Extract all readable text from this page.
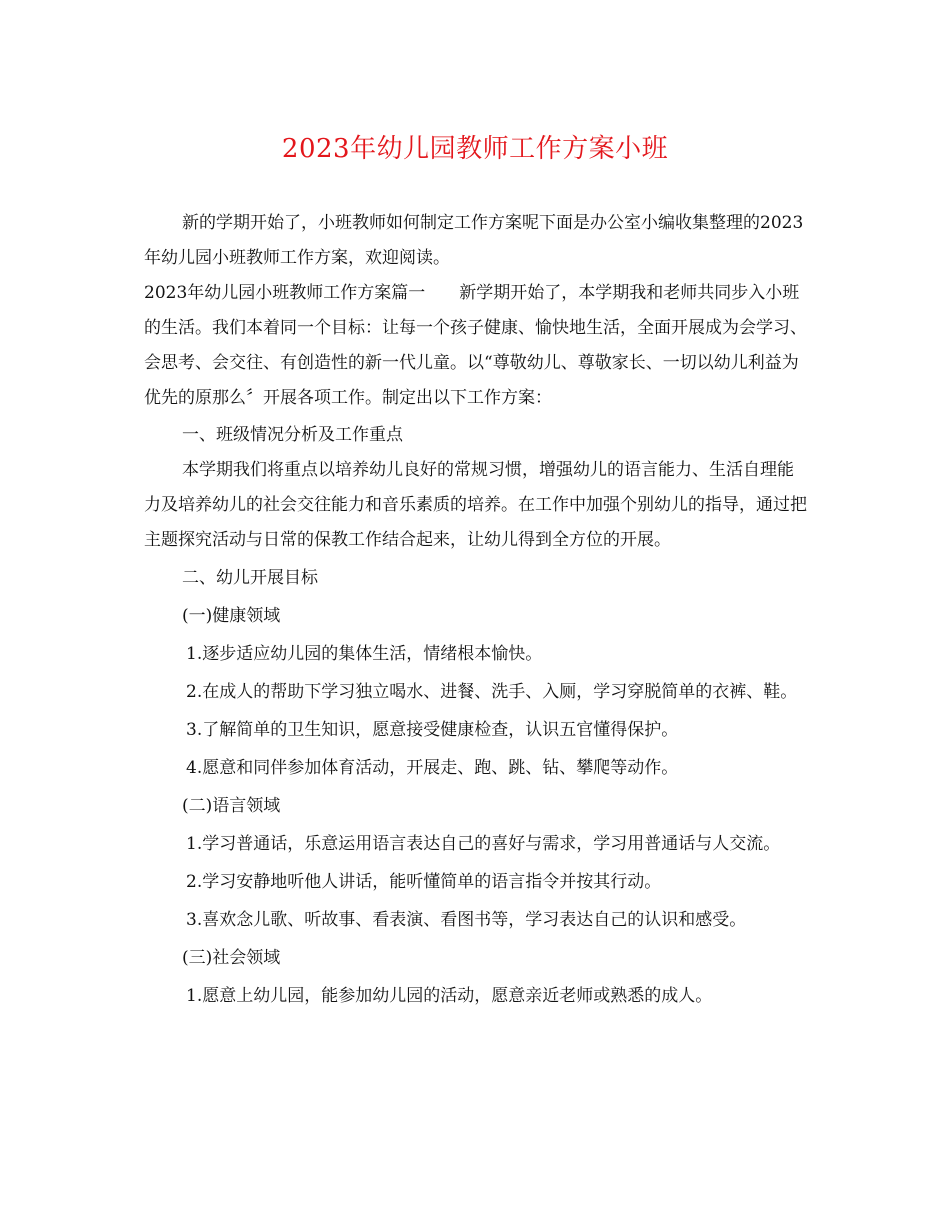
2023年幼儿园教师工作方案小班

新的学期开始了，小班教师如何制定工作方案呢下面是办公室小编收集整理的2023年幼儿园小班教师工作方案，欢迎阅读。

2023年幼儿园小班教师工作方案篇一　　新学期开始了，本学期我和老师共同步入小班的生活。我们本着同一个目标：让每一个孩子健康、愉快地生活，全面开展成为会学习、会思考、会交往、有创造性的新一代儿童。以“尊敬幼儿、尊敬家长、一切以幼儿利益为优先的原那么〞开展各项工作。制定出以下工作方案：

一、班级情况分析及工作重点

本学期我们将重点以培养幼儿良好的常规习惯，增强幼儿的语言能力、生活自理能力及培养幼儿的社会交往能力和音乐素质的培养。在工作中加强个别幼儿的指导，通过把主题探究活动与日常的保教工作结合起来，让幼儿得到全方位的开展。

二、幼儿开展目标

(一)健康领域

1.逐步适应幼儿园的集体生活，情绪根本愉快。

2.在成人的帮助下学习独立喝水、进餐、洗手、入厕，学习穿脱简单的衣裤、鞋。

3.了解简单的卫生知识，愿意接受健康检查，认识五官懂得保护。

4.愿意和同伴参加体育活动，开展走、跑、跳、钻、攀爬等动作。

(二)语言领域

1.学习普通话，乐意运用语言表达自己的喜好与需求，学习用普通话与人交流。

2.学习安静地听他人讲话，能听懂简单的语言指令并按其行动。

3.喜欢念儿歌、听故事、看表演、看图书等，学习表达自己的认识和感受。

(三)社会领域

1.愿意上幼儿园，能参加幼儿园的活动，愿意亲近老师或熟悉的成人。
